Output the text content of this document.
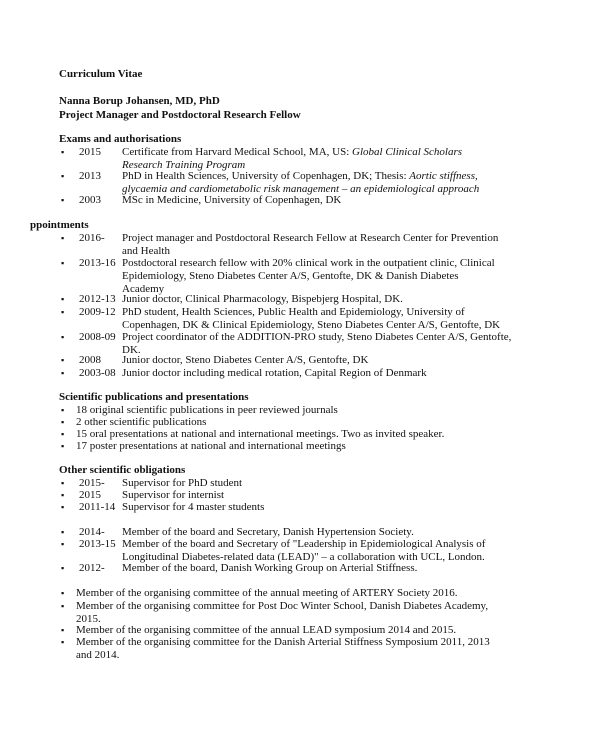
Curriculum Vitae
Nanna Borup Johansen, MD, PhD
Project Manager and Postdoctoral Research Fellow
Exams and authorisations
▪ 2015 Certificate from Harvard Medical School, MA, US: Global Clinical Scholars
Research Training Program
▪ 2013 PhD in Health Sciences, University of Copenhagen, DK; Thesis: Aortic stiffness,
glycaemia and cardiometabolic risk management – an epidemiological approach
▪ 2003 MSc in Medicine, University of Copenhagen, DK
ppointments
▪ 2016- Project manager and Postdoctoral Research Fellow at Research Center for Prevention
and Health
▪ 2013-16 Postdoctoral research fellow with 20% clinical work in the outpatient clinic, Clinical
Epidemiology, Steno Diabetes Center A/S, Gentofte, DK & Danish Diabetes
Academy
▪ 2012-13 Junior doctor, Clinical Pharmacology, Bispebjerg Hospital, DK.
▪ 2009-12 PhD student, Health Sciences, Public Health and Epidemiology, University of
Copenhagen, DK & Clinical Epidemiology, Steno Diabetes Center A/S, Gentofte, DK
▪ 2008-09 Project coordinator of the ADDITION-PRO study, Steno Diabetes Center A/S, Gentofte,
DK.
▪ 2008 Junior doctor, Steno Diabetes Center A/S, Gentofte, DK
▪ 2003-08 Junior doctor including medical rotation, Capital Region of Denmark
Scientific publications and presentations
▪ 18 original scientific publications in peer reviewed journals
▪ 2 other scientific publications
▪ 15 oral presentations at national and international meetings. Two as invited speaker.
▪ 17 poster presentations at national and international meetings
Other scientific obligations
▪ 2015- Supervisor for PhD student
▪ 2015 Supervisor for internist
▪ 2011-14 Supervisor for 4 master students
▪ 2014- Member of the board and Secretary, Danish Hypertension Society.
▪ 2013-15 Member of the board and Secretary of "Leadership in Epidemiological Analysis of
Longitudinal Diabetes-related data (LEAD)" – a collaboration with UCL, London.
▪ 2012- Member of the board, Danish Working Group on Arterial Stiffness.
▪ Member of the organising committee of the annual meeting of ARTERY Society 2016.
▪ Member of the organising committee for Post Doc Winter School, Danish Diabetes Academy,
2015.
▪ Member of the organising committee of the annual LEAD symposium 2014 and 2015.
▪ Member of the organising committee for the Danish Arterial Stiffness Symposium 2011, 2013
and 2014.
